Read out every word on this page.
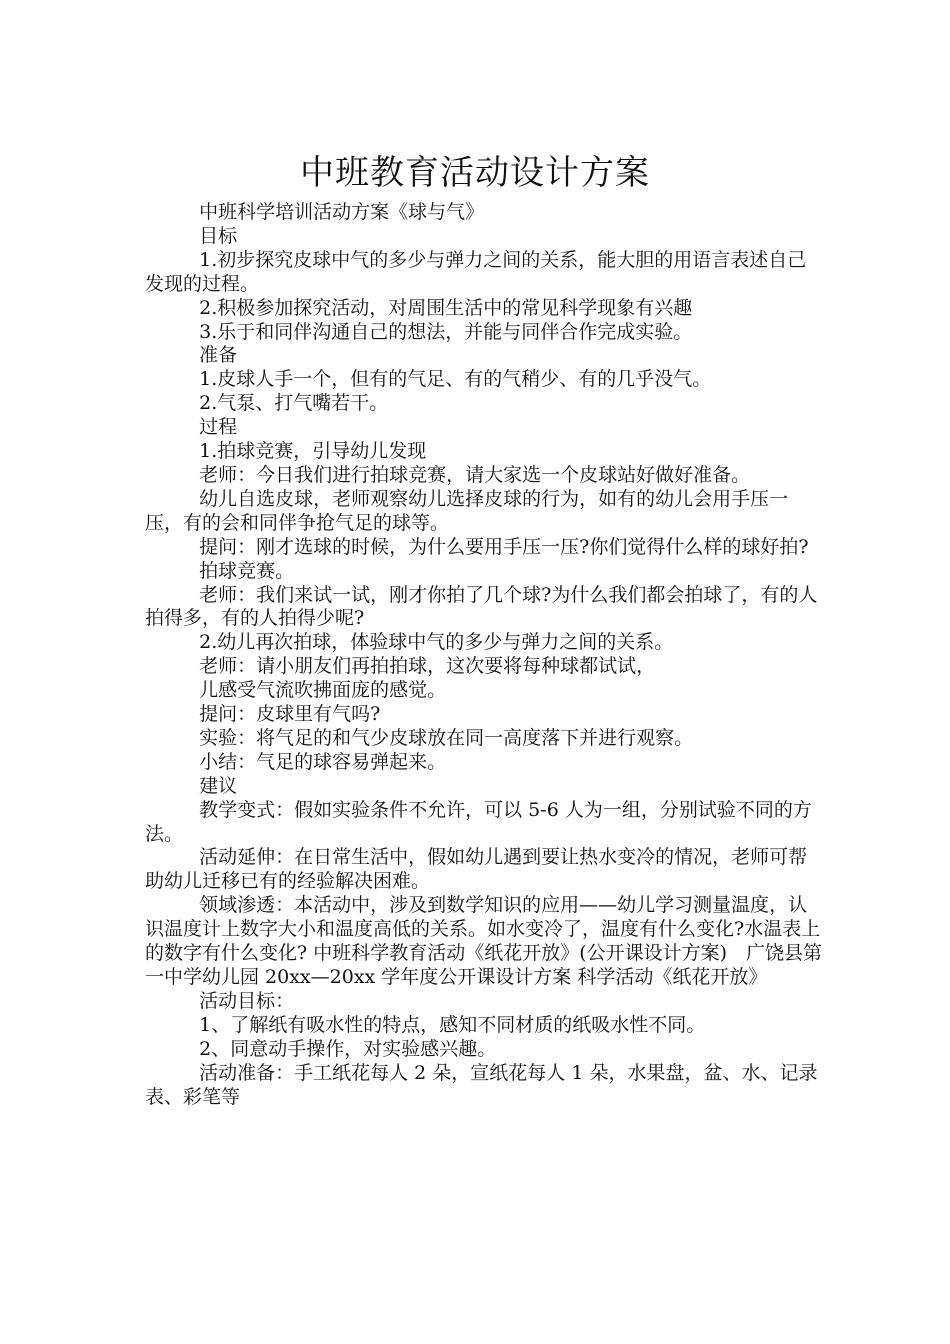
中班教育活动设计方案

中班科学培训活动方案《球与气》

目标

1.初步探究皮球中气的多少与弹力之间的关系，能大胆的用语言表述自己发现的过程。

2.积极参加探究活动，对周围生活中的常见科学现象有兴趣

3.乐于和同伴沟通自己的想法，并能与同伴合作完成实验。

准备

1.皮球人手一个，但有的气足、有的气稍少、有的几乎没气。

2.气泵、打气嘴若干。

过程

1.拍球竞赛，引导幼儿发现

老师：今日我们进行拍球竞赛，请大家选一个皮球站好做好准备。

幼儿自选皮球，老师观察幼儿选择皮球的行为，如有的幼儿会用手压一压，有的会和同伴争抢气足的球等。

提问：刚才选球的时候，为什么要用手压一压?你们觉得什么样的球好拍?

拍球竞赛。

老师：我们来试一试，刚才你拍了几个球?为什么我们都会拍球了，有的人拍得多，有的人拍得少呢?

2.幼儿再次拍球，体验球中气的多少与弹力之间的关系。

老师：请小朋友们再拍拍球，这次要将每种球都试试，

儿感受气流吹拂面庞的感觉。

提问：皮球里有气吗?

实验：将气足的和气少皮球放在同一高度落下并进行观察。

小结：气足的球容易弹起来。

建议

教学变式：假如实验条件不允许，可以 5-6 人为一组，分别试验不同的方法。

活动延伸：在日常生活中，假如幼儿遇到要让热水变冷的情况，老师可帮助幼儿迁移已有的经验解决困难。

领域渗透：本活动中，涉及到数学知识的应用——幼儿学习测量温度，认识温度计上数字大小和温度高低的关系。如水变冷了，温度有什么变化?水温表上的数字有什么变化? 中班科学教育活动《纸花开放》(公开课设计方案)　广饶县第一中学幼儿园 20xx—20xx 学年度公开课设计方案 科学活动《纸花开放》

活动目标：

1、了解纸有吸水性的特点，感知不同材质的纸吸水性不同。

2、同意动手操作，对实验感兴趣。

活动准备：手工纸花每人 2 朵，宣纸花每人 1 朵，水果盘，盆、水、记录表、彩笔等
